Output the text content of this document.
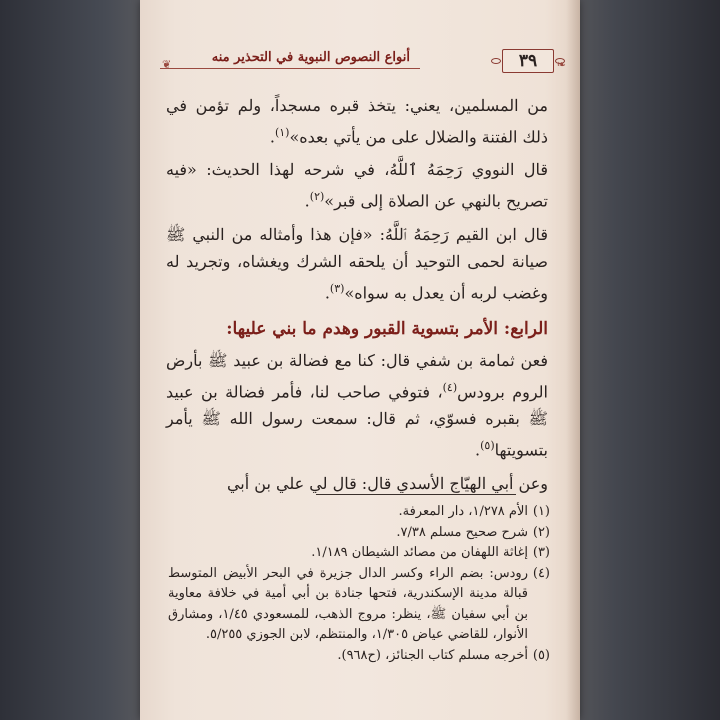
٣٩	❧
أنواع النصوص النبوية في التحذير منه
❦

من المسلمين، يعني: يتخذ قبره مسجداً، ولم تؤمن في ذلك الفتنة والضلال على من يأتي بعده»$^{(١)}$.

قال النووي رَحِمَهُ ٱللَّهُ، في شرحه لهذا الحديث: «فيه تصريح بالنهي عن الصلاة إلى قبر»$^{(٢)}$.

قال ابن القيم رَحِمَهُ ٱللَّهُ: «فإن هذا وأمثاله من النبي ﷺ صيانة لحمى التوحيد أن يلحقه الشرك ويغشاه، وتجريد له وغضب لربه أن يعدل به سواه»$^{(٣)}$.

الرابع: الأمر بتسوية القبور وهدم ما بني عليها:

فعن ثمامة بن شفي قال: كنا مع فضالة بن عبيد ﷺ بأرض الروم برودس$^{(٤)}$، فتوفي صاحب لنا، فأمر فضالة بن عبيد ﷺ بقبره فسوّي، ثم قال: سمعت رسول الله ﷺ يأمر بتسويتها$^{(٥)}$.

وعن أبي الهيّاج الأسدي قال: قال لي علي بن أبي

(١)
الأم ١/٢٧٨، دار المعرفة.
(٢)
شرح صحيح مسلم ٧/٣٨.
(٣)
إغاثة اللهفان من مصائد الشيطان ١/١٨٩.
(٤)
رودس: بضم الراء وكسر الدال جزيرة في البحر الأبيض المتوسط قبالة مدينة الإسكندرية، فتحها جنادة بن أبي أمية في خلافة معاوية بن أبي سفيان ﷺ، ينظر: مروج الذهب، للمسعودي ١/٤٥، ومشارق الأنوار، للقاضي عياض ١/٣٠٥، والمنتظم، لابن الجوزي ٥/٢٥٥.
(٥)
أخرجه مسلم كتاب الجنائز، (ح٩٦٨).
